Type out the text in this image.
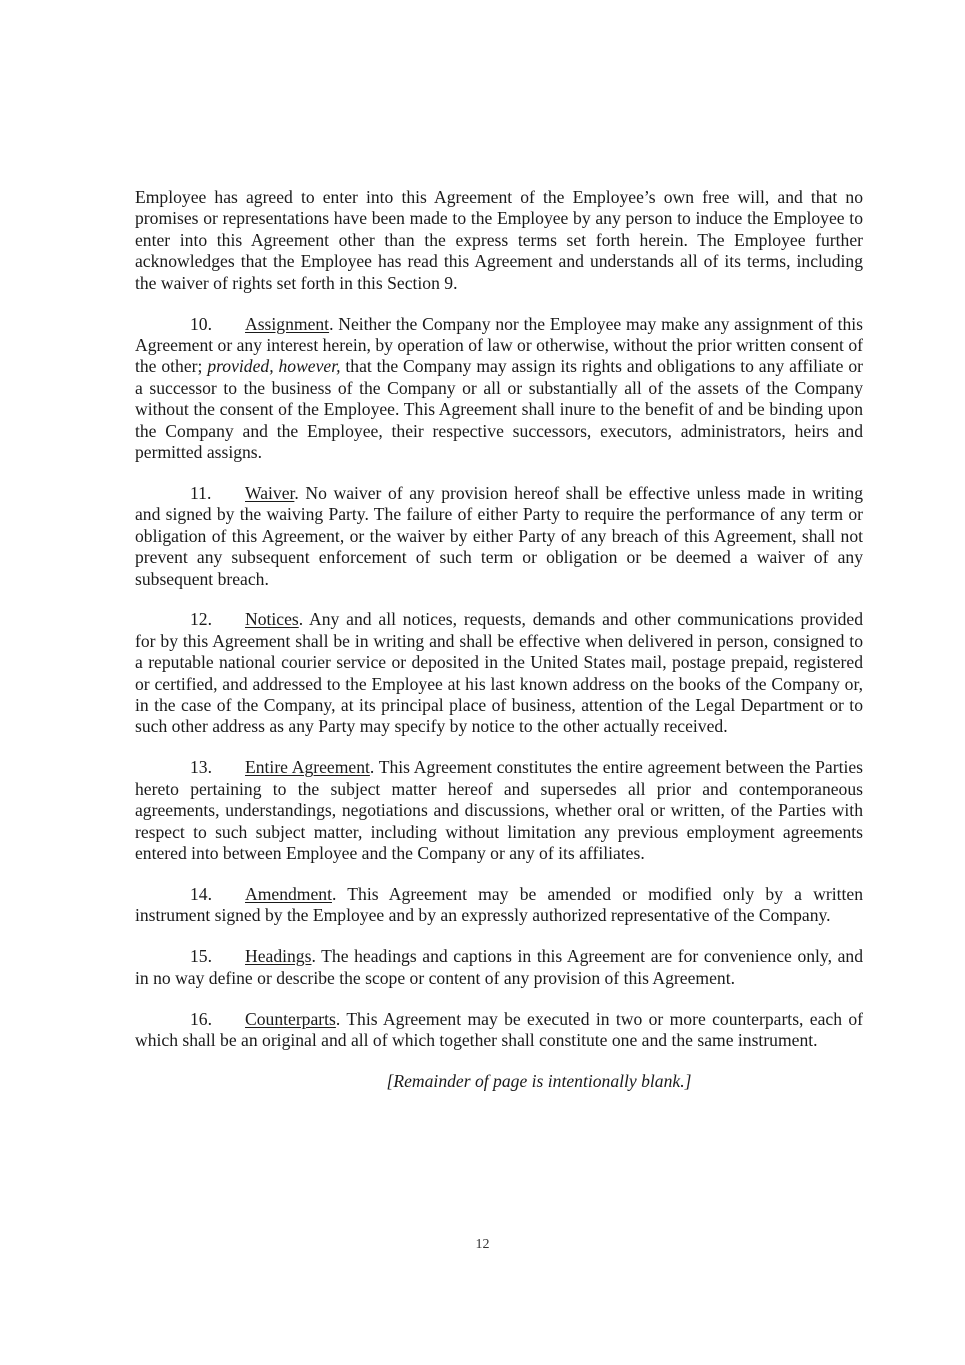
Employee has agreed to enter into this Agreement of the Employee’s own free will, and that no promises or representations have been made to the Employee by any person to induce the Employee to enter into this Agreement other than the express terms set forth herein. The Employee further acknowledges that the Employee has read this Agreement and understands all of its terms, including the waiver of rights set forth in this Section 9.

10. Assignment. Neither the Company nor the Employee may make any assignment of this Agreement or any interest herein, by operation of law or otherwise, without the prior written consent of the other; provided, however, that the Company may assign its rights and obligations to any affiliate or a successor to the business of the Company or all or substantially all of the assets of the Company without the consent of the Employee. This Agreement shall inure to the benefit of and be binding upon the Company and the Employee, their respective successors, executors, administrators, heirs and permitted assigns.

11. Waiver. No waiver of any provision hereof shall be effective unless made in writing and signed by the waiving Party. The failure of either Party to require the performance of any term or obligation of this Agreement, or the waiver by either Party of any breach of this Agreement, shall not prevent any subsequent enforcement of such term or obligation or be deemed a waiver of any subsequent breach.

12. Notices. Any and all notices, requests, demands and other communications provided for by this Agreement shall be in writing and shall be effective when delivered in person, consigned to a reputable national courier service or deposited in the United States mail, postage prepaid, registered or certified, and addressed to the Employee at his last known address on the books of the Company or, in the case of the Company, at its principal place of business, attention of the Legal Department or to such other address as any Party may specify by notice to the other actually received.

13. Entire Agreement. This Agreement constitutes the entire agreement between the Parties hereto pertaining to the subject matter hereof and supersedes all prior and contemporaneous agreements, understandings, negotiations and discussions, whether oral or written, of the Parties with respect to such subject matter, including without limitation any previous employment agreements entered into between Employee and the Company or any of its affiliates.

14. Amendment. This Agreement may be amended or modified only by a written instrument signed by the Employee and by an expressly authorized representative of the Company.

15. Headings. The headings and captions in this Agreement are for convenience only, and in no way define or describe the scope or content of any provision of this Agreement.

16. Counterparts. This Agreement may be executed in two or more counterparts, each of which shall be an original and all of which together shall constitute one and the same instrument.

[Remainder of page is intentionally blank.]

12
